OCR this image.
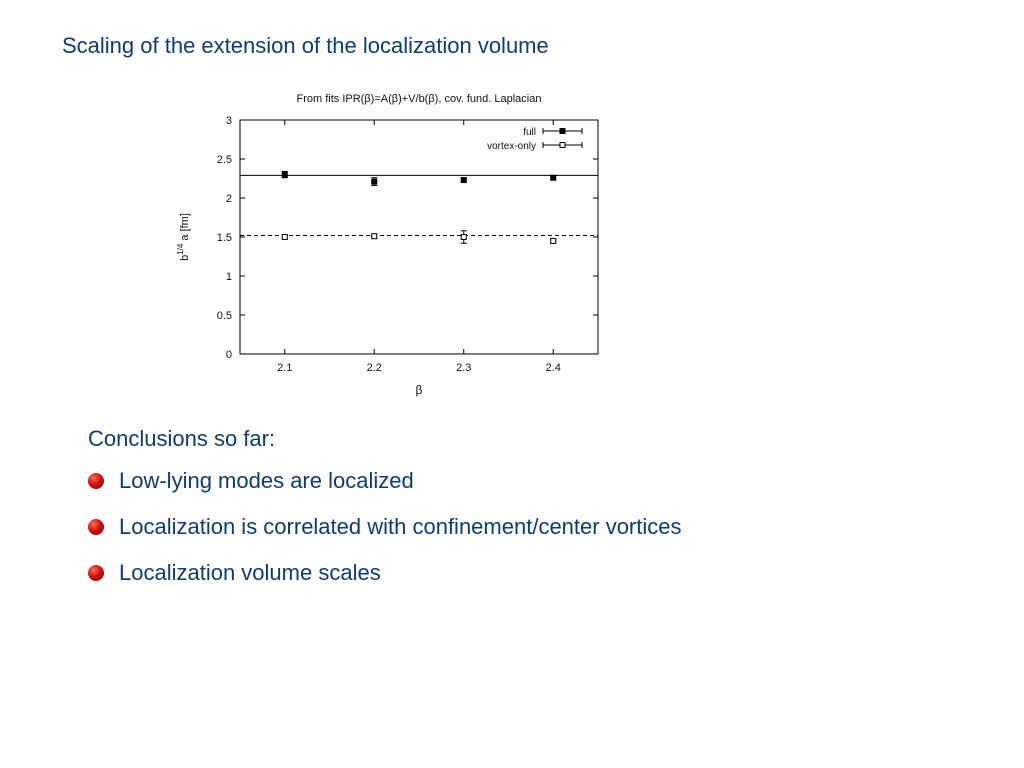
Scaling of the extension of the localization volume
From fits IPR(β)=A(β)+V/b(β), cov. fund. Laplacian
0
0.5
1
1.5
2
2.5
3
2.1	2.2	2.3	2.4
β
$b^{1/4}$ a [fm]
full
vortex-only

Conclusions so far:

Low-lying modes are localized
Localization is correlated with confinement/center vortices
Localization volume scales
